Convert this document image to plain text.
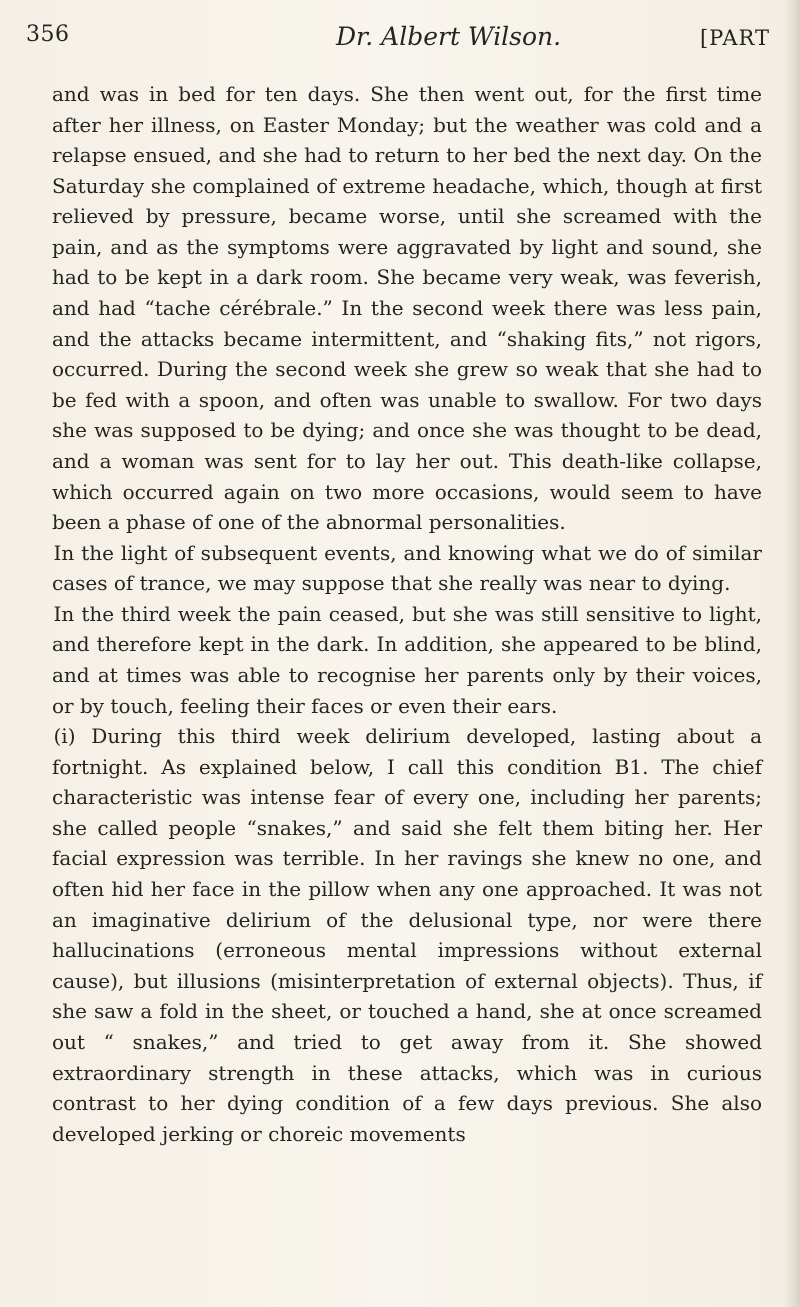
356	Dr. Albert Wilson.	[PART

and was in bed for ten days. She then went out, for the first time after her illness, on Easter Monday; but the weather was cold and a relapse ensued, and she had to return to her bed the next day. On the Saturday she complained of extreme headache, which, though at first relieved by pressure, became worse, until she screamed with the pain, and as the symptoms were aggravated by light and sound, she had to be kept in a dark room. She became very weak, was feverish, and had “tache cérébrale.” In the second week there was less pain, and the attacks became intermittent, and “shaking fits,” not rigors, occurred. During the second week she grew so weak that she had to be fed with a spoon, and often was unable to swallow. For two days she was supposed to be dying; and once she was thought to be dead, and a woman was sent for to lay her out. This death-like collapse, which occurred again on two more occasions, would seem to have been a phase of one of the abnormal personalities.

In the light of subsequent events, and knowing what we do of similar cases of trance, we may suppose that she really was near to dying.

In the third week the pain ceased, but she was still sensitive to light, and therefore kept in the dark. In addition, she appeared to be blind, and at times was able to recognise her parents only by their voices, or by touch, feeling their faces or even their ears.

(i) During this third week delirium developed, lasting about a fortnight. As explained below, I call this condition B1. The chief characteristic was intense fear of every one, including her parents; she called people “snakes,” and said she felt them biting her. Her facial expression was terrible. In her ravings she knew no one, and often hid her face in the pillow when any one approached. It was not an imaginative delirium of the delusional type, nor were there hallucinations (erroneous mental impressions without external cause), but illusions (misinterpretation of external objects). Thus, if she saw a fold in the sheet, or touched a hand, she at once screamed out “ snakes,” and tried to get away from it. She showed extraordinary strength in these attacks, which was in curious contrast to her dying condition of a few days previous. She also developed jerking or choreic movements
